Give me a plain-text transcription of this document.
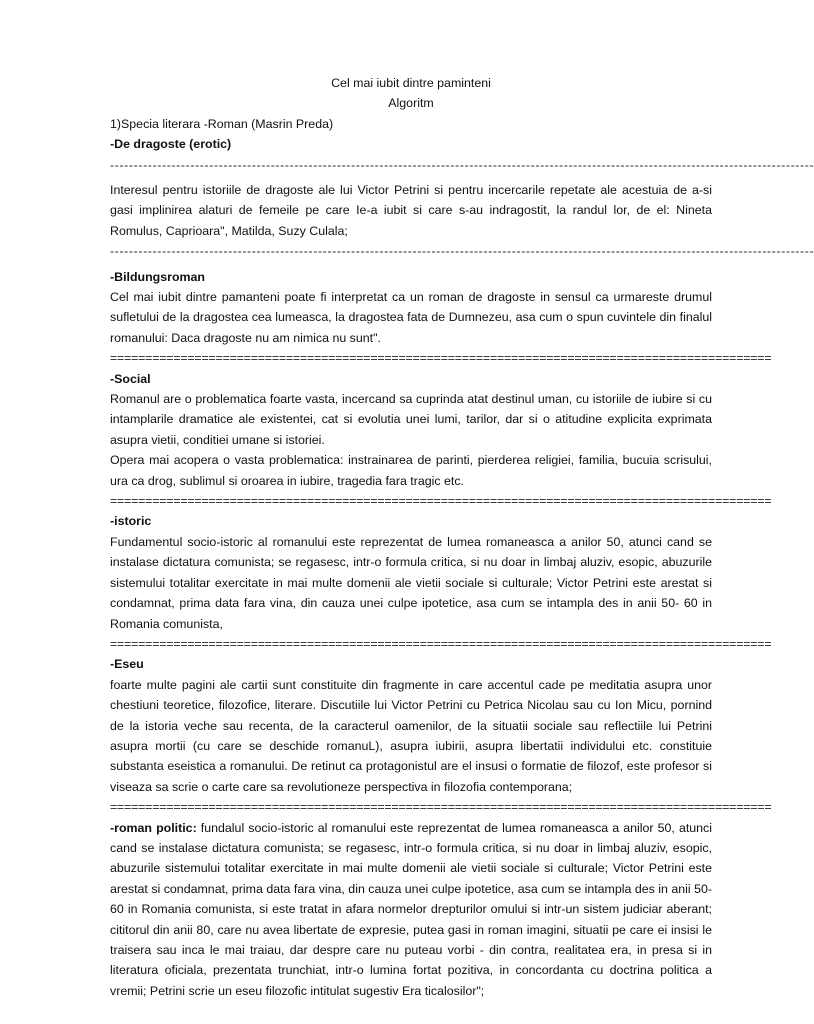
Cel mai iubit dintre paminteni
Algoritm
1)Specia literara -Roman (Masrin Preda)
-De dragoste (erotic)
-----------------------------------------------------------------------------------------------------------------------------------------------------
Interesul pentru istoriile de dragoste ale lui Victor Petrini si pentru incercarile repetate ale acestuia de a-si gasi implinirea alaturi de femeile pe care Ie-a iubit si care s-au indragostit, la randul lor, de el: Nineta Romulus, Caprioara", Matilda, Suzy Culala;
-----------------------------------------------------------------------------------------------------------------------------------------------------
-Bildungsroman
Cel mai iubit dintre pamanteni poate fi interpretat ca un roman de dragoste in sensul ca urmareste drumul sufletului de la dragostea cea lumeasca, la dragostea fata de Dumnezeu, asa cum o spun cuvintele din finalul romanului: Daca dragoste nu am nimica nu sunt".
==============================================================================================
-Social
Romanul are o problematica foarte vasta, incercand sa cuprinda atat destinul uman, cu istoriile de iubire si cu intamplarile dramatice ale existentei, cat si evolutia unei lumi, tarilor, dar si o atitudine explicita exprimata asupra vietii, conditiei umane si istoriei.
Opera mai acopera o vasta problematica: instrainarea de parinti, pierderea religiei, familia, bucuia scrisului, ura ca drog, sublimul si oroarea in iubire, tragedia fara tragic etc.
==============================================================================================
-istoric
Fundamentul socio-istoric al romanului este reprezentat de lumea romaneasca a anilor 50, atunci cand se instalase dictatura comunista; se regasesc, intr-o formula critica, si nu doar in limbaj aluziv, esopic, abuzurile sistemului totalitar exercitate in mai multe domenii ale vietii sociale si culturale; Victor Petrini este arestat si condamnat, prima data fara vina, din cauza unei culpe ipotetice, asa cum se intampla des in anii 50- 60 in Romania comunista,
==============================================================================================
-Eseu
foarte multe pagini ale cartii sunt constituite din fragmente in care accentul cade pe meditatia asupra unor chestiuni teoretice, filozofice, literare. Discutiile lui Victor Petrini cu Petrica Nicolau sau cu Ion Micu, pornind de la istoria veche sau recenta, de la caracterul oamenilor, de la situatii sociale sau reflectiile lui Petrini asupra mortii (cu care se deschide romanuL), asupra iubirii, asupra libertatii individului etc. constituie substanta eseistica a romanului. De retinut ca protagonistul are el insusi o formatie de filozof, este profesor si viseaza sa scrie o carte care sa revolutioneze perspectiva in filozofia contemporana;
==============================================================================================
-roman politic: fundalul socio-istoric al romanului este reprezentat de lumea romaneasca a anilor 50, atunci cand se instalase dictatura comunista; se regasesc, intr-o formula critica, si nu doar in limbaj aluziv, esopic, abuzurile sistemului totalitar exercitate in mai multe domenii ale vietii sociale si culturale; Victor Petrini este arestat si condamnat, prima data fara vina, din cauza unei culpe ipotetice, asa cum se intampla des in anii 50- 60 in Romania comunista, si este tratat in afara normelor drepturilor omului si intr-un sistem judiciar aberant; cititorul din anii 80, care nu avea libertate de expresie, putea gasi in roman imagini, situatii pe care ei insisi le traisera sau inca le mai traiau, dar despre care nu puteau vorbi - din contra, realitatea era, in presa si in literatura oficiala, prezentata trunchiat, intr-o lumina fortat pozitiva, in concordanta cu doctrina politica a vremii; Petrini scrie un eseu filozofic intitulat sugestiv Era ticalosilor";
